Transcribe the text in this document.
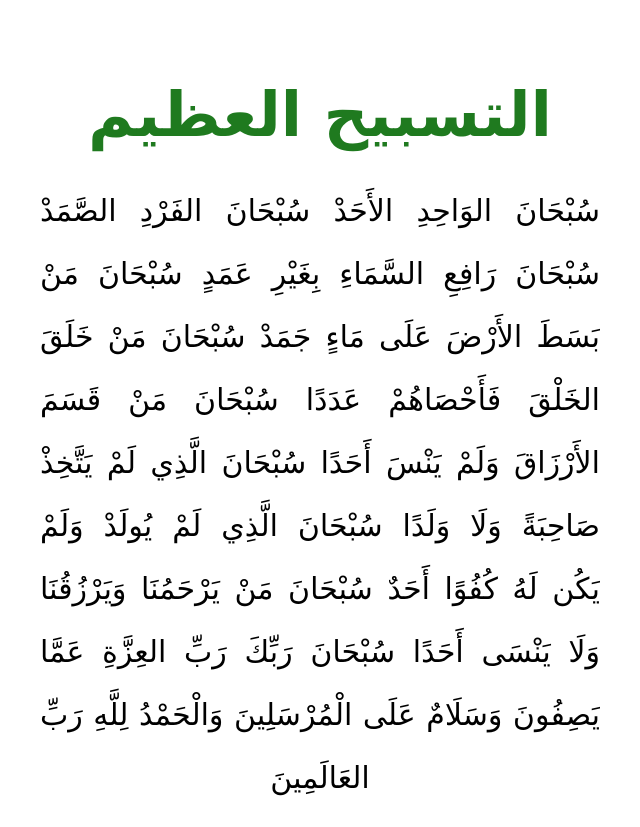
التسبيح العظيم
سُبْحَانَ الوَاحِدِ الأَحَدْ سُبْحَانَ الفَرْدِ الصَّمَدْ
سُبْحَانَ رَافِعِ السَّمَاءِ بِغَيْرِ عَمَدٍ سُبْحَانَ مَنْ
بَسَطَ الأَرْضَ عَلَى مَاءٍ جَمَدْ سُبْحَانَ مَنْ خَلَقَ
الخَلْقَ فَأَحْصَاهُمْ عَدَدًا سُبْحَانَ مَنْ قَسَمَ
الأَرْزَاقَ وَلَمْ يَنْسَ أَحَدًا سُبْحَانَ الَّذِي لَمْ يَتَّخِذْ
صَاحِبَةً وَلَا وَلَدًا سُبْحَانَ الَّذِي لَمْ يُولَدْ وَلَمْ
يَكُن لَهُ كُفُوًا أَحَدٌ سُبْحَانَ مَنْ يَرْحَمُنَا وَيَرْزُقُنَا
وَلَا يَنْسَى أَحَدًا سُبْحَانَ رَبِّكَ رَبِّ العِزَّةِ عَمَّا
يَصِفُونَ وَسَلَامٌ عَلَى الْمُرْسَلِينَ وَالْحَمْدُ لِلَّهِ رَبِّ
العَالَمِينَ
